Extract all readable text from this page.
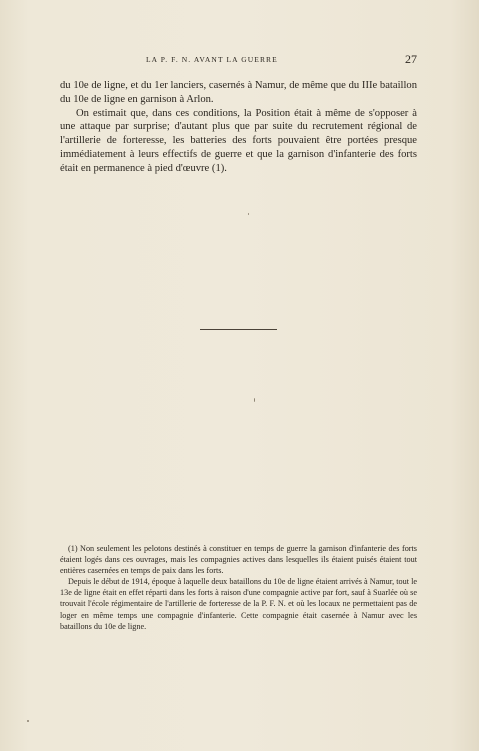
LA P. F. N. AVANT LA GUERRE	27

du 10e de ligne, et du 1er lanciers, casernés à Namur, de même que du IIIe bataillon du 10e de ligne en garnison à Arlon.

On estimait que, dans ces conditions, la Position était à même de s'opposer à une attaque par surprise; d'autant plus que par suite du recrutement régional de l'artillerie de forteresse, les batteries des forts pouvaient être portées presque immédiatement à leurs effectifs de guerre et que la garnison d'infanterie des forts était en permanence à pied d'œuvre (1).

(1) Non seulement les pelotons destinés à constituer en temps de guerre la garnison d'infanterie des forts étaient logés dans ces ouvrages, mais les compagnies actives dans lesquelles ils étaient puisés étaient tout entières casernées en temps de paix dans les forts.

Depuis le début de 1914, époque à laquelle deux bataillons du 10e de ligne étaient arrivés à Namur, tout le 13e de ligne était en effet réparti dans les forts à raison d'une compagnie active par fort, sauf à Suarlée où se trouvait l'école régimentaire de l'artillerie de forteresse de la P. F. N. et où les locaux ne permettaient pas de loger en même temps une compagnie d'infanterie. Cette compagnie était casernée à Namur avec les bataillons du 10e de ligne.
